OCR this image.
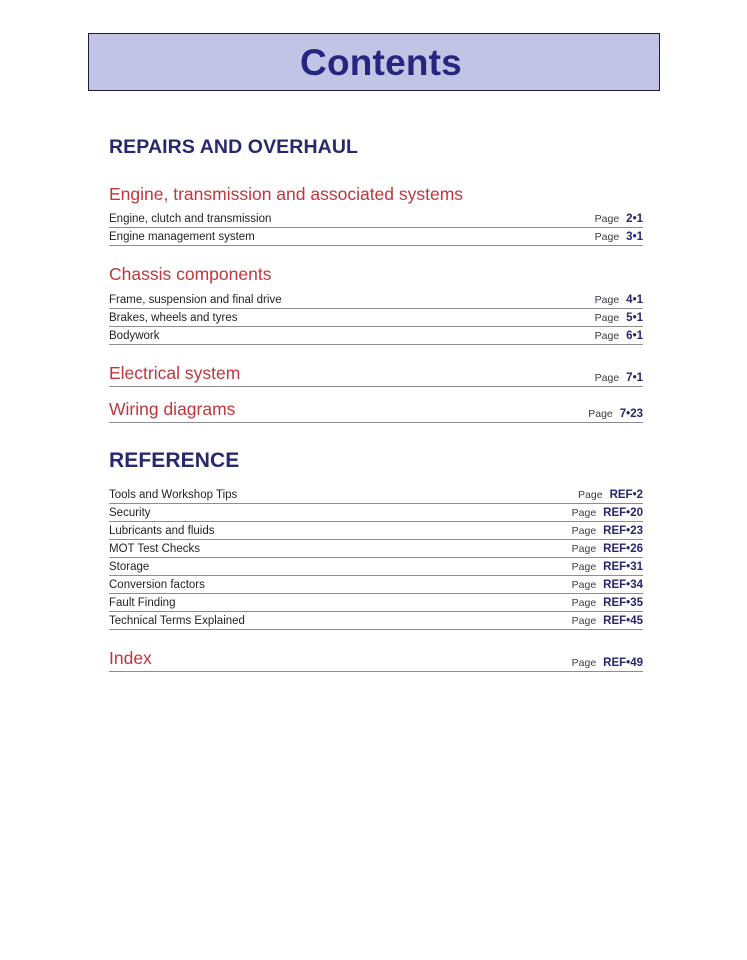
Contents
REPAIRS AND OVERHAUL
Engine, transmission and associated systems
Engine, clutch and transmission	Page 2•1
Engine management system	Page 3•1
Chassis components
Frame, suspension and final drive	Page 4•1
Brakes, wheels and tyres	Page 5•1
Bodywork	Page 6•1
Electrical system	Page 7•1
Wiring diagrams	Page 7•23
REFERENCE
Tools and Workshop Tips	Page REF•2
Security	Page REF•20
Lubricants and fluids	Page REF•23
MOT Test Checks	Page REF•26
Storage	Page REF•31
Conversion factors	Page REF•34
Fault Finding	Page REF•35
Technical Terms Explained	Page REF•45
Index	Page REF•49
